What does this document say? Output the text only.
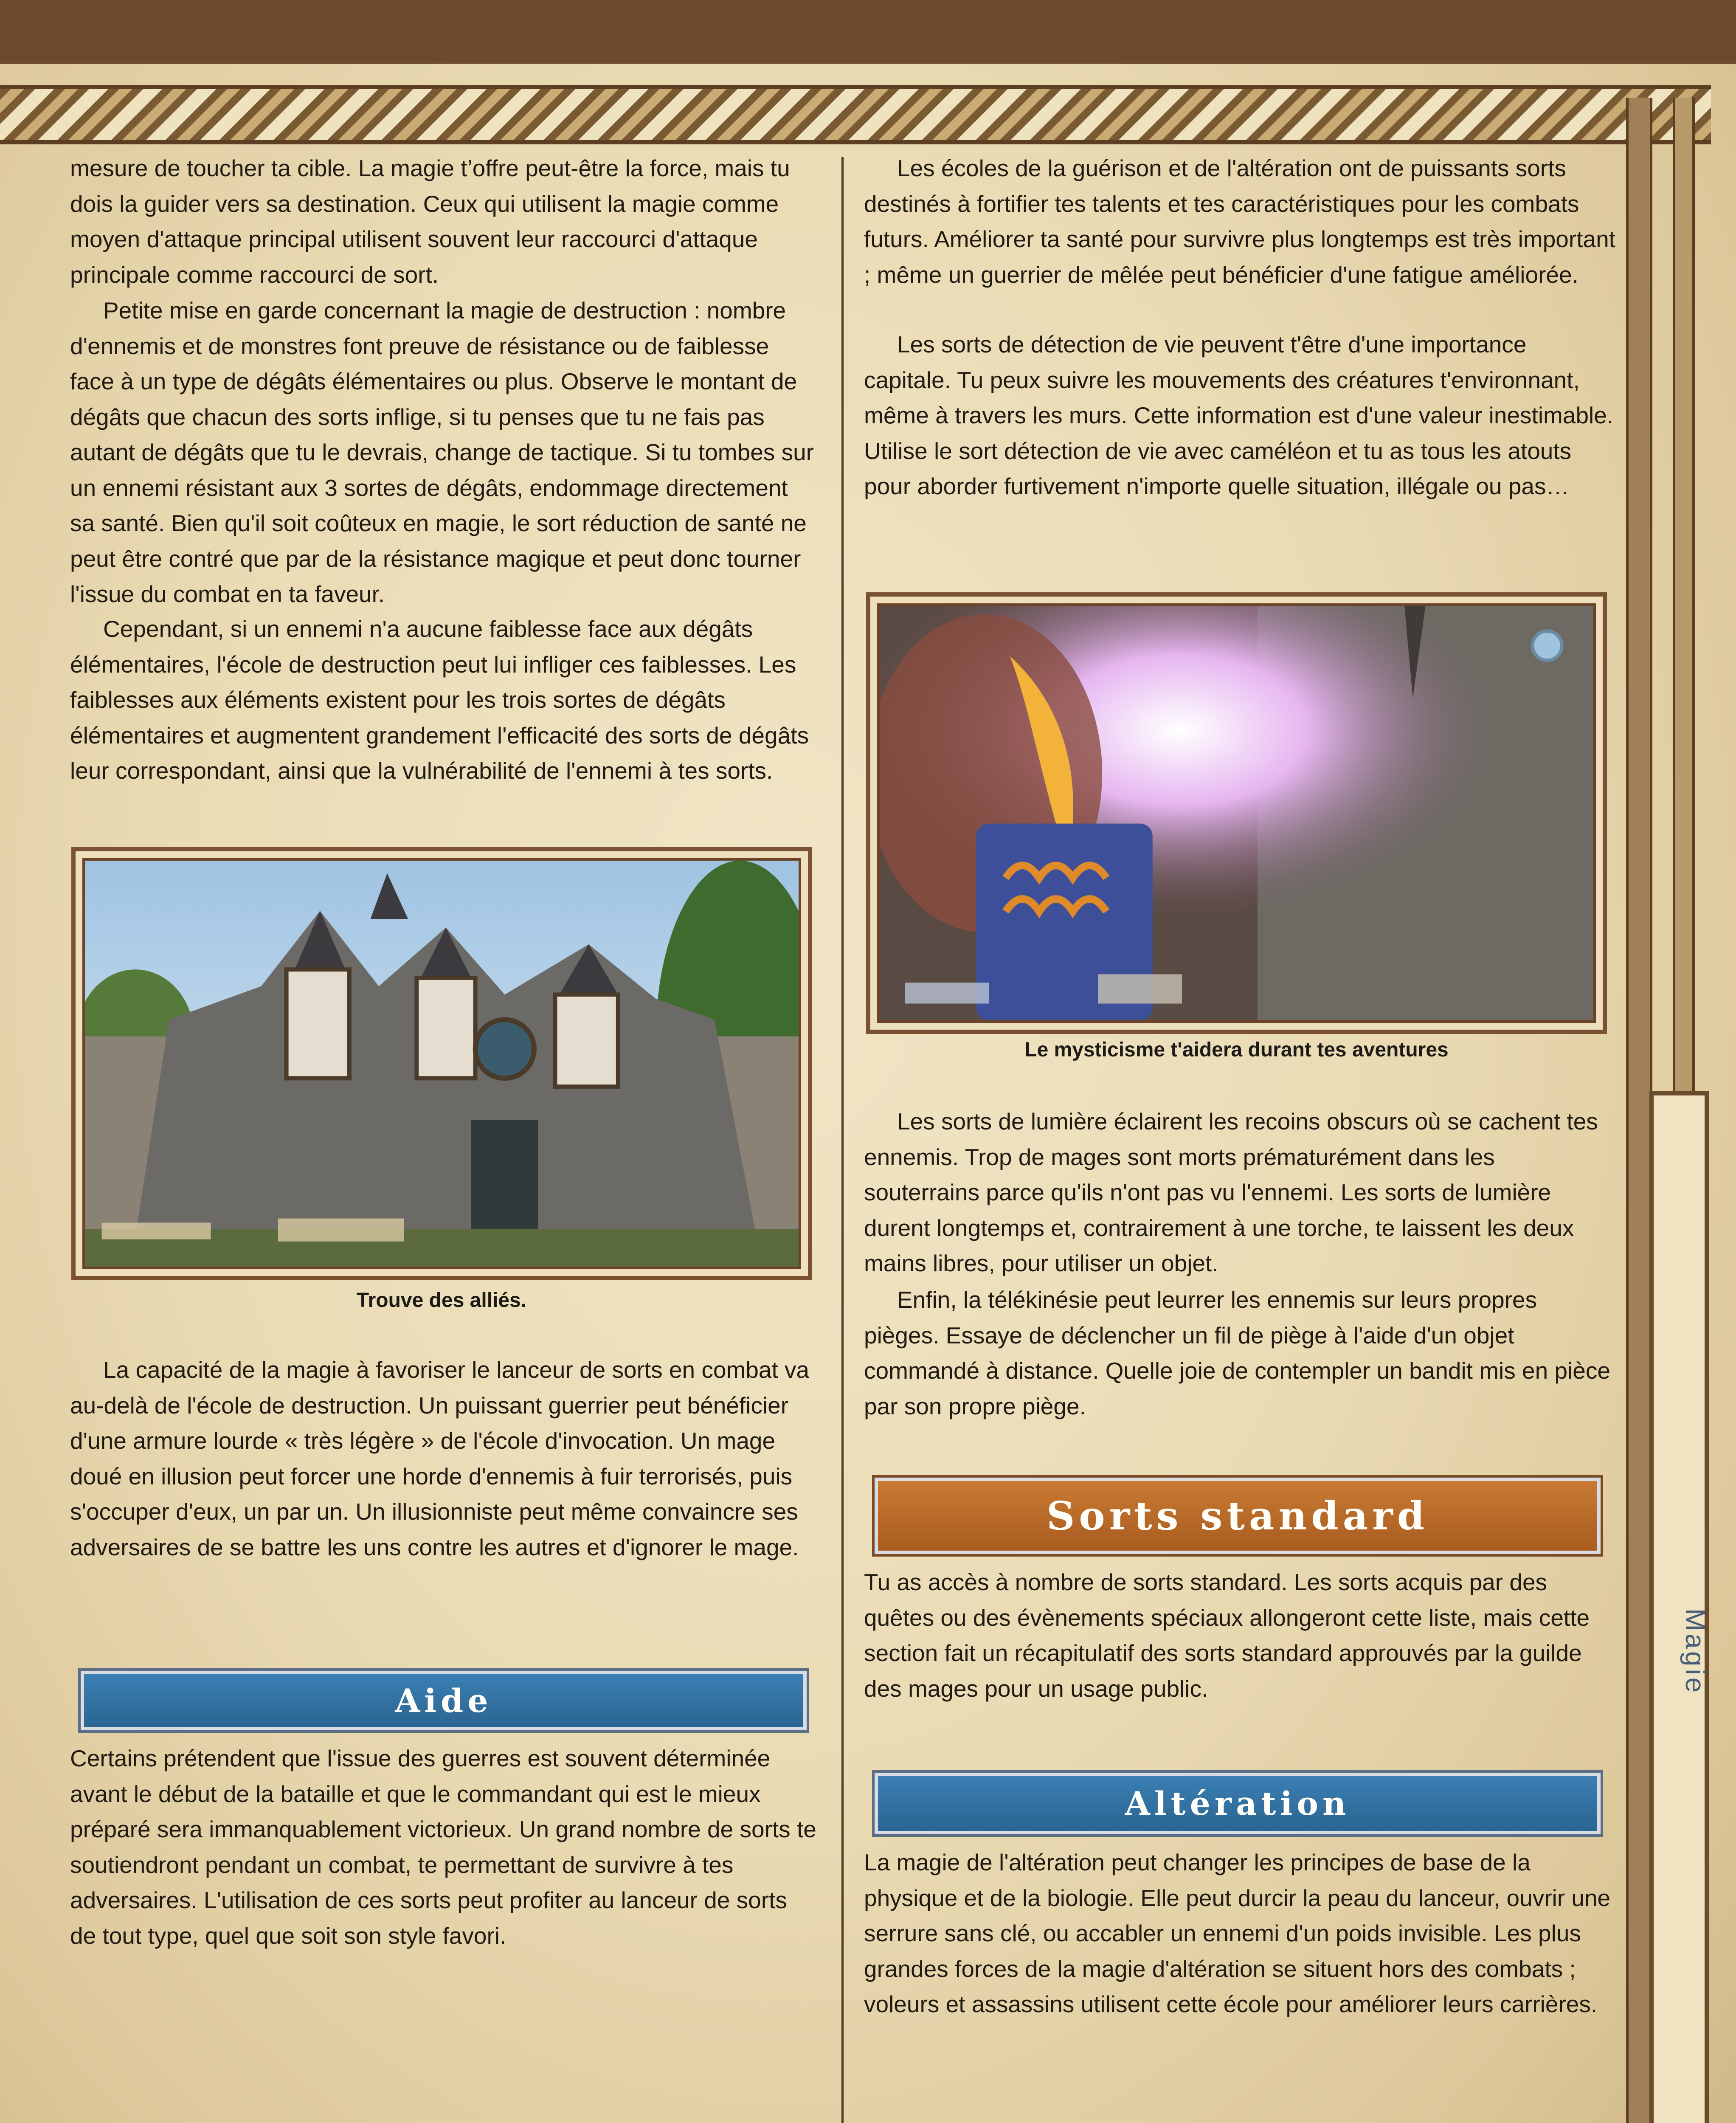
Magie

mesure de toucher ta cible. La magie t’offre peut-être la force, mais tu dois la guider vers sa destination. Ceux qui utilisent la magie comme moyen d'attaque principal utilisent souvent leur raccourci d'attaque principale comme raccourci de sort.

Petite mise en garde concernant la magie de destruction : nombre d'ennemis et de monstres font preuve de résistance ou de faiblesse face à un type de dégâts élémentaires ou plus. Observe le montant de dégâts que chacun des sorts inflige, si tu penses que tu ne fais pas autant de dégâts que tu le devrais, change de tactique. Si tu tombes sur un ennemi résistant aux 3 sortes de dégâts, endommage directement sa santé. Bien qu'il soit coûteux en magie, le sort réduction de santé ne peut être contré que par de la résistance magique et peut donc tourner l'issue du combat en ta faveur.

Cependant, si un ennemi n'a aucune faiblesse face aux dégâts élémentaires, l'école de destruction peut lui infliger ces faiblesses. Les faiblesses aux éléments existent pour les trois sortes de dégâts élémentaires et augmentent grandement l'efficacité des sorts de dégâts leur correspondant, ainsi que la vulnérabilité de l'ennemi à tes sorts.

Trouve des alliés.

La capacité de la magie à favoriser le lanceur de sorts en combat va au-delà de l'école de destruction. Un puissant guerrier peut bénéficier d'une armure lourde « très légère » de l'école d'invocation. Un mage doué en illusion peut forcer une horde d'ennemis à fuir terrorisés, puis s'occuper d'eux, un par un. Un illusionniste peut même convaincre ses adversaires de se battre les uns contre les autres et d'ignorer le mage.

Aide

Certains prétendent que l'issue des guerres est souvent déterminée avant le début de la bataille et que le commandant qui est le mieux préparé sera immanquablement victorieux. Un grand nombre de sorts te soutiendront pendant un combat, te permettant de survivre à tes adversaires. L'utilisation de ces sorts peut profiter au lanceur de sorts de tout type, quel que soit son style favori.

Les écoles de la guérison et de l'altération ont de puissants sorts destinés à fortifier tes talents et tes caractéristiques pour les combats futurs. Améliorer ta santé pour survivre plus longtemps est très important ; même un guerrier de mêlée peut bénéficier d'une fatigue améliorée.

Les sorts de détection de vie peuvent t'être d'une importance capitale. Tu peux suivre les mouvements des créatures t'environnant, même à travers les murs. Cette information est d'une valeur inestimable. Utilise le sort détection de vie avec caméléon et tu as tous les atouts pour aborder furtivement n'importe quelle situation, illégale ou pas…

Le mysticisme t'aidera durant tes aventures

Les sorts de lumière éclairent les recoins obscurs où se cachent tes ennemis. Trop de mages sont morts prématurément dans les souterrains parce qu'ils n'ont pas vu l'ennemi. Les sorts de lumière durent longtemps et, contrairement à une torche, te laissent les deux mains libres, pour utiliser un objet.

Enfin, la télékinésie peut leurrer les ennemis sur leurs propres pièges. Essaye de déclencher un fil de piège à l'aide d'un objet commandé à distance. Quelle joie de contempler un bandit mis en pièce par son propre piège.

Sorts standard

Tu as accès à nombre de sorts standard. Les sorts acquis par des quêtes ou des évènements spéciaux allongeront cette liste, mais cette section fait un récapitulatif des sorts standard approuvés par la guilde des mages pour un usage public.

Altération

La magie de l'altération peut changer les principes de base de la physique et de la biologie. Elle peut durcir la peau du lanceur, ouvrir une serrure sans clé, ou accabler un ennemi d'un poids invisible. Les plus grandes forces de la magie d'altération se situent hors des combats ; voleurs et assassins utilisent cette école pour améliorer leurs carrières.
